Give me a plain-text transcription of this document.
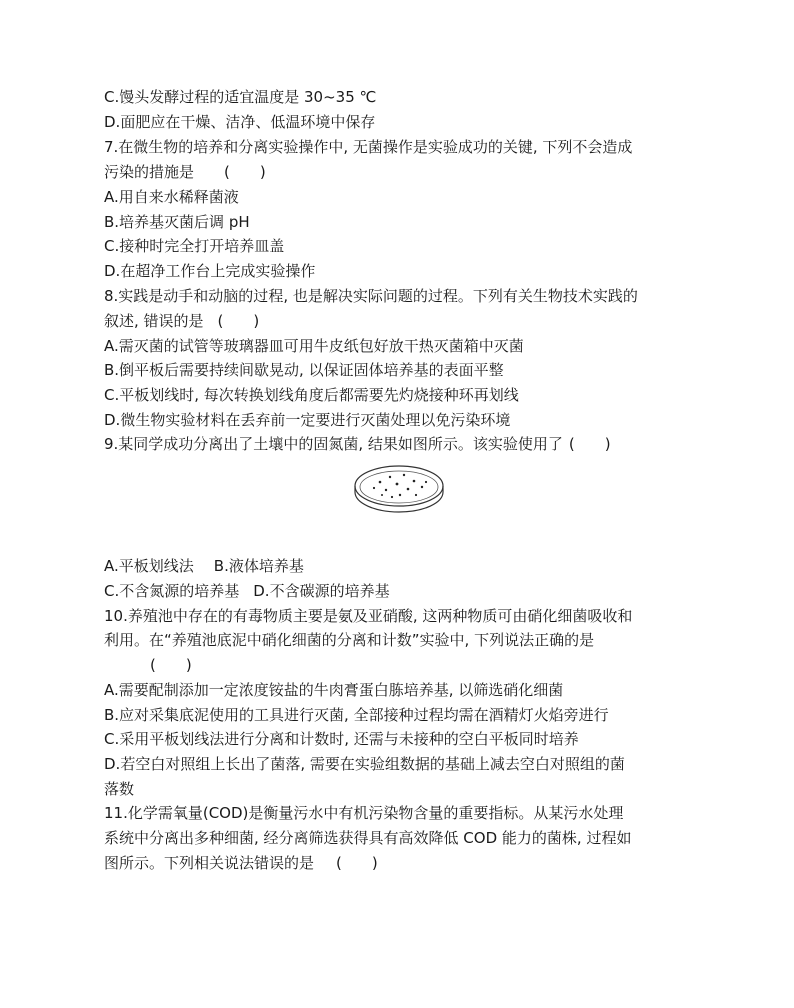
C.馒头发酵过程的适宜温度是 30~35 ℃
D.面肥应在干燥、洁净、低温环境中保存
7.在微生物的培养和分离实验操作中, 无菌操作是实验成功的关键, 下列不会造成
污染的措施是 (　　)
A.用自来水稀释菌液
B.培养基灭菌后调 pH
C.接种时完全打开培养皿盖
D.在超净工作台上完成实验操作
8.实践是动手和动脑的过程, 也是解决实际问题的过程。下列有关生物技术实践的
叙述, 错误的是 (　　)
A.需灭菌的试管等玻璃器皿可用牛皮纸包好放干热灭菌箱中灭菌
B.倒平板后需要持续间歇晃动, 以保证固体培养基的表面平整
C.平板划线时, 每次转换划线角度后都需要先灼烧接种环再划线
D.微生物实验材料在丢弃前一定要进行灭菌处理以免污染环境
9.某同学成功分离出了土壤中的固氮菌, 结果如图所示。该实验使用了 (　　)
A.平板划线法 B.液体培养基
C.不含氮源的培养基 D.不含碳源的培养基
10.养殖池中存在的有毒物质主要是氨及亚硝酸, 这两种物质可由硝化细菌吸收和
利用。在“养殖池底泥中硝化细菌的分离和计数”实验中, 下列说法正确的是
(　　)
A.需要配制添加一定浓度铵盐的牛肉膏蛋白胨培养基, 以筛选硝化细菌
B.应对采集底泥使用的工具进行灭菌, 全部接种过程均需在酒精灯火焰旁进行
C.采用平板划线法进行分离和计数时, 还需与未接种的空白平板同时培养
D.若空白对照组上长出了菌落, 需要在实验组数据的基础上减去空白对照组的菌
落数
11.化学需氧量(COD)是衡量污水中有机污染物含量的重要指标。从某污水处理
系统中分离出多种细菌, 经分离筛选获得具有高效降低 COD 能力的菌株, 过程如
图所示。下列相关说法错误的是 (　　)
